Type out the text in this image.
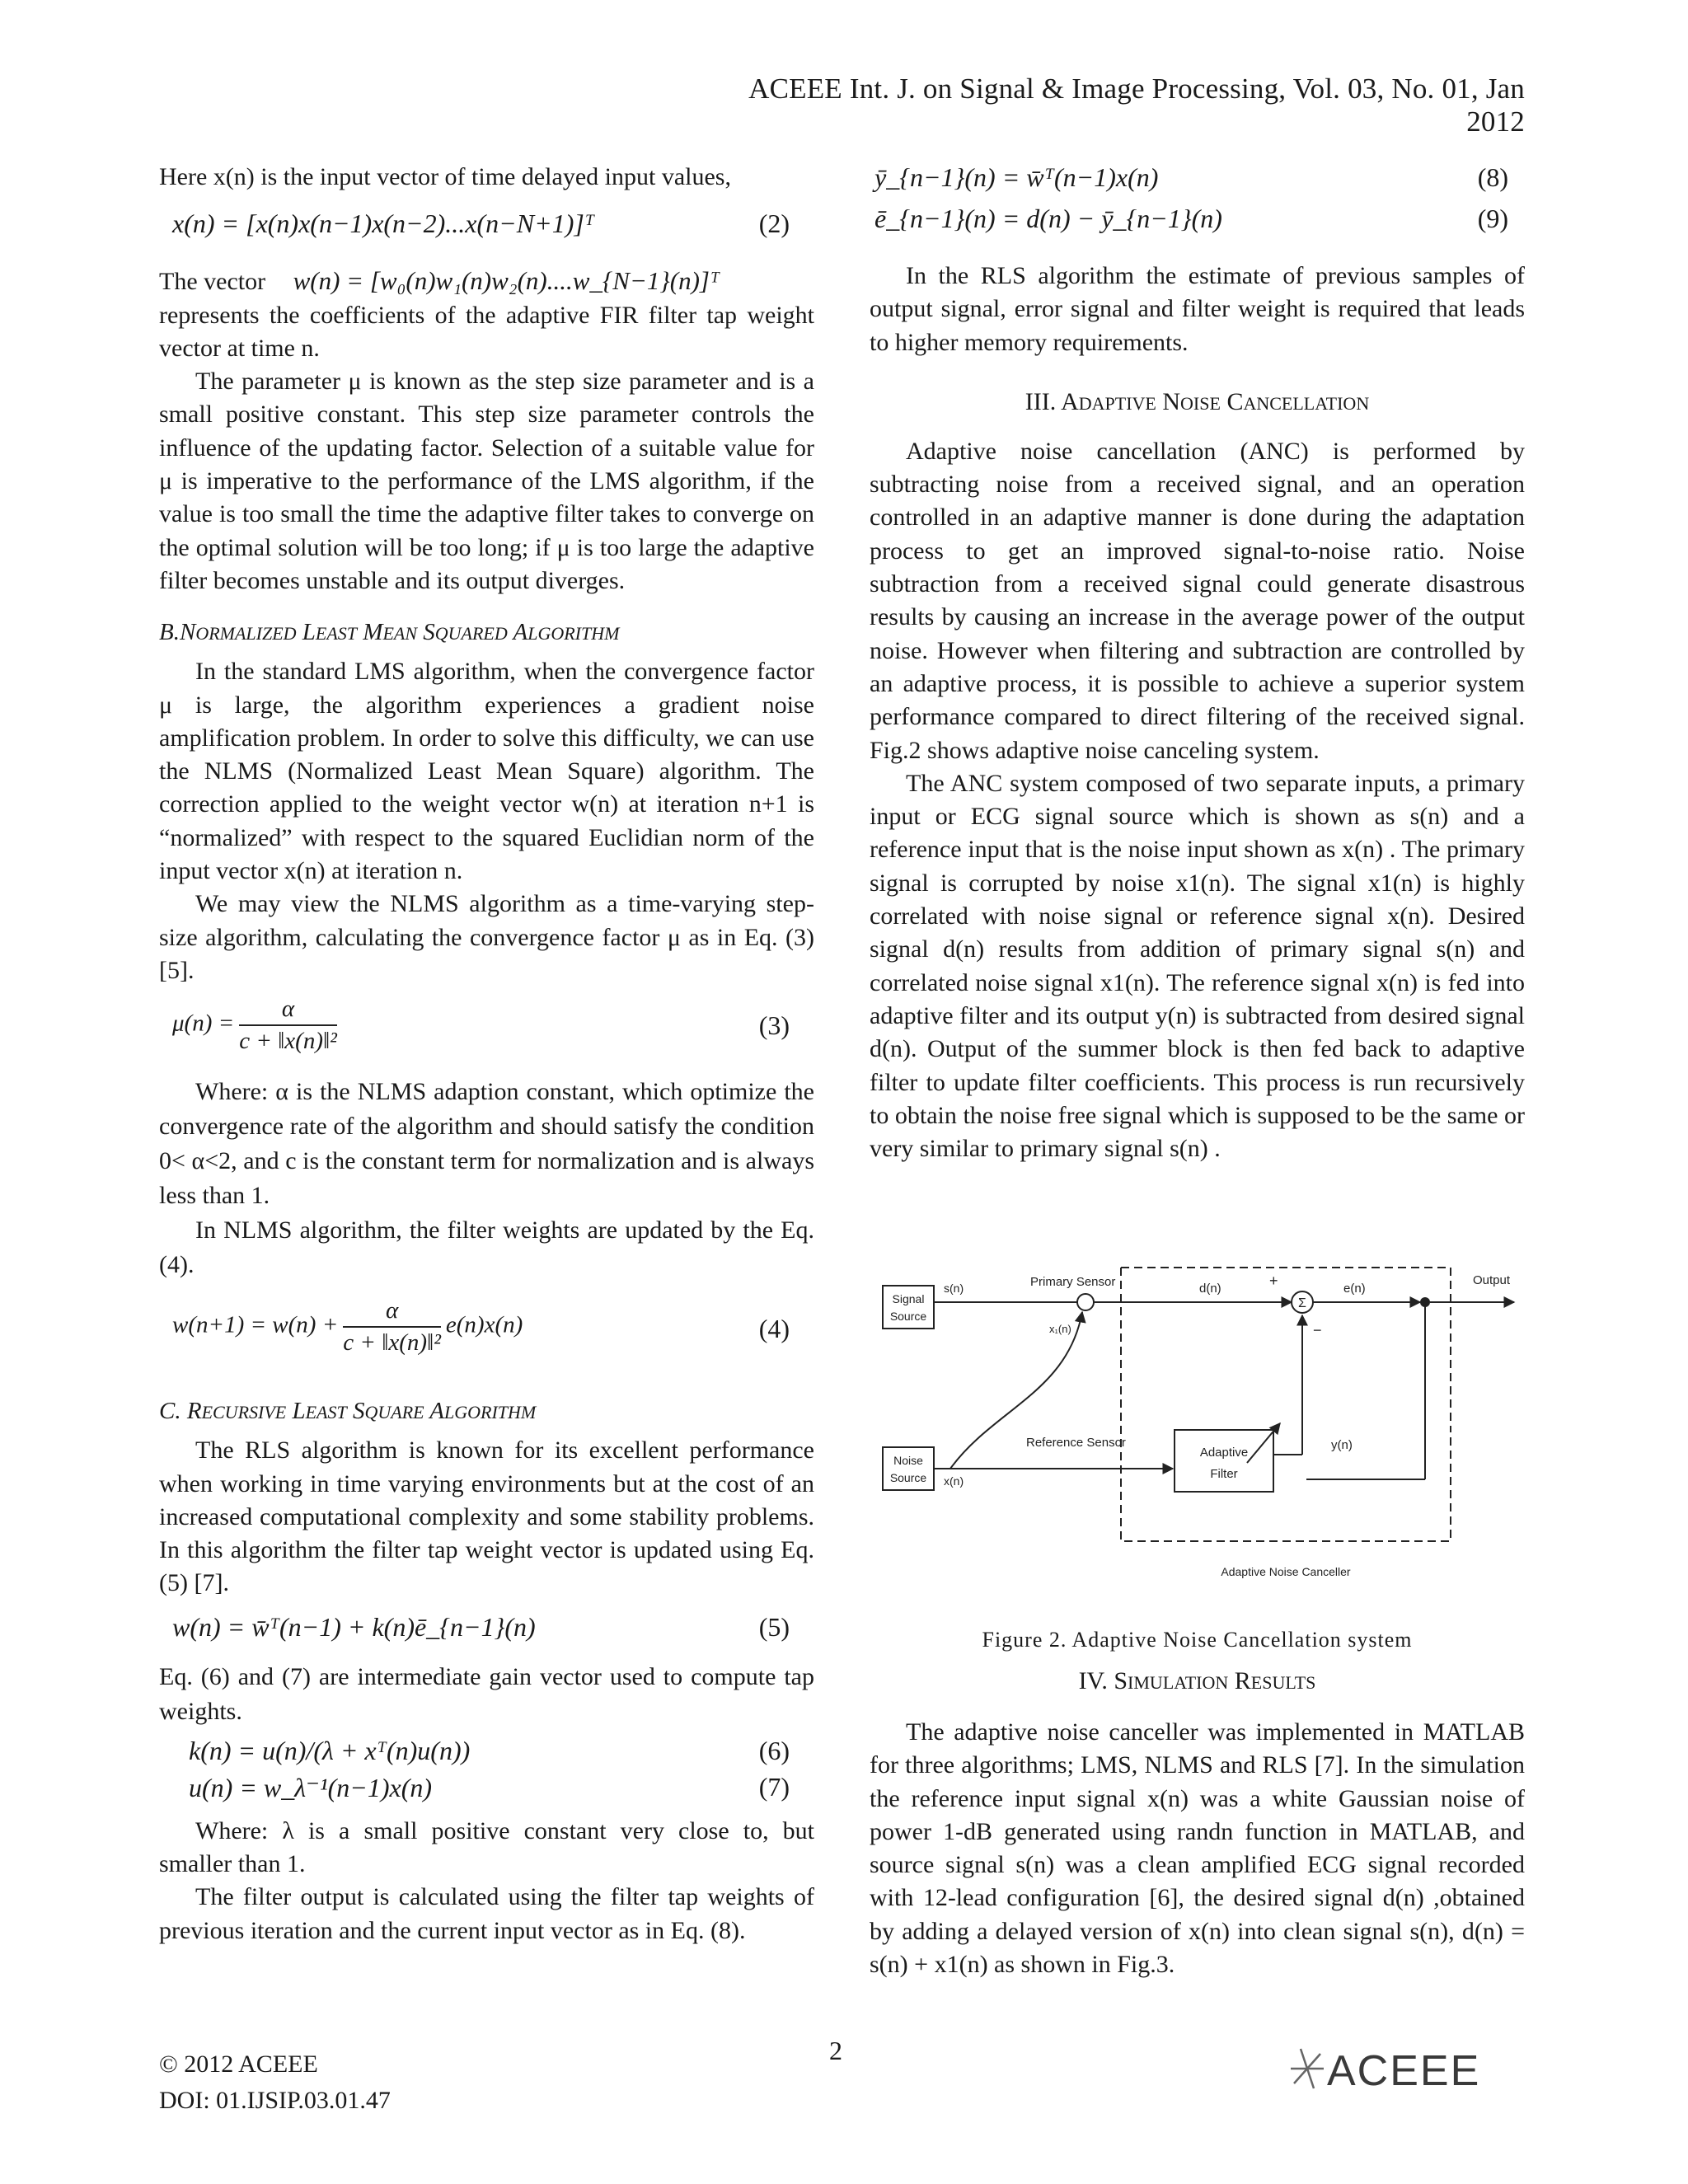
ACEEE Int. J. on Signal & Image Processing, Vol. 03, No. 01, Jan 2012

Here x(n) is the input vector of time delayed input values,

x(n) = [x(n)x(n−1)x(n−2)...x(n−N+1)]ᵀ	(2)

The vector w(n) = [w₀(n)w₁(n)w₂(n)....w_{N−1}(n)]ᵀ

represents the coefficients of the adaptive FIR filter tap weight vector at time n.

The parameter μ is known as the step size parameter and is a small positive constant. This step size parameter controls the influence of the updating factor. Selection of a suitable value for μ is imperative to the performance of the LMS algorithm, if the value is too small the time the adaptive filter takes to converge on the optimal solution will be too long; if μ is too large the adaptive filter becomes unstable and its output diverges.

B.NORMALIZED LEAST MEAN SQUARED ALGORITHM

In the standard LMS algorithm, when the convergence factor μ is large, the algorithm experiences a gradient noise amplification problem. In order to solve this difficulty, we can use the NLMS (Normalized Least Mean Square) algorithm. The correction applied to the weight vector w(n) at iteration n+1 is “normalized” with respect to the squared Euclidian norm of the input vector x(n) at iteration n.

We may view the NLMS algorithm as a time-varying step-size algorithm, calculating the convergence factor μ as in Eq. (3)[5].

$\mu(n) = \frac{\alpha}{\text{c + ‖x(n)‖²}}$	(3)

Where: α is the NLMS adaption constant, which optimize the convergence rate of the algorithm and should satisfy the condition 0< α<2, and c is the constant term for normalization and is always less than 1.

In NLMS algorithm, the filter weights are updated by the Eq. (4).

$w(n+1) = w(n) + \frac{\alpha}{\text{c + ‖x(n)‖²}} e(n)x(n)$	(4)

C. RECURSIVE LEAST SQUARE ALGORITHM

The RLS algorithm is known for its excellent performance when working in time varying environments but at the cost of an increased computational complexity and some stability problems. In this algorithm the filter tap weight vector is updated using Eq. (5) [7].

w(n) = w̄ᵀ(n−1) + k(n)ē_{n−1}(n)	(5)

Eq. (6) and (7) are intermediate gain vector used to compute tap weights.

k(n) = u(n)/(λ + xᵀ(n)u(n))	(6)
u(n) = w_λ⁻¹(n−1)x(n)	(7)

Where: λ is a small positive constant very close to, but smaller than 1.

The filter output is calculated using the filter tap weights of previous iteration and the current input vector as in Eq. (8).

ȳ_{n−1}(n) = w̄ᵀ(n−1)x(n)	(8)
ē_{n−1}(n) = d(n) − ȳ_{n−1}(n)	(9)

In the RLS algorithm the estimate of previous samples of output signal, error signal and filter weight is required that leads to higher memory requirements.

III. ADAPTIVE NOISE CANCELLATION

Adaptive noise cancellation (ANC) is performed by subtracting noise from a received signal, and an operation controlled in an adaptive manner is done during the adaptation process to get an improved signal-to-noise ratio. Noise subtraction from a received signal could generate disastrous results by causing an increase in the average power of the output noise. However when filtering and subtraction are controlled by an adaptive process, it is possible to achieve a superior system performance compared to direct filtering of the received signal. Fig.2 shows adaptive noise canceling system.

The ANC system composed of two separate inputs, a primary input or ECG signal source which is shown as s(n) and a reference input that is the noise input shown as x(n) . The primary signal is corrupted by noise x1(n). The signal x1(n) is highly correlated with noise signal or reference signal x(n). Desired signal d(n) results from addition of primary signal s(n) and correlated noise signal x1(n). The reference signal x(n) is fed into adaptive filter and its output y(n) is subtracted from desired signal d(n). Output of the summer block is then fed back to adaptive filter to update filter coefficients. This process is run recursively to obtain the noise free signal which is supposed to be the same or very similar to primary signal s(n) .

Signal
Source
s(n)	Primary Sensor
x₁(n)
d(n)	+
Σ
−
e(n)
Output
y(n)
Adaptive
Filter
Noise
Source x(n)
Reference Sensor
Adaptive Noise Canceller
Figure 2. Adaptive Noise Cancellation system

IV. SIMULATION RESULTS

The adaptive noise canceller was implemented in MATLAB for three algorithms; LMS, NLMS and RLS [7]. In the simulation the reference input signal x(n) was a white Gaussian noise of power 1-dB generated using randn function in MATLAB, and source signal s(n) was a clean amplified ECG signal recorded with 12-lead configuration [6], the desired signal d(n) ,obtained by adding a delayed version of x(n) into clean signal s(n), d(n) = s(n) + x1(n) as shown in Fig.3.

© 2012 ACEEE
DOI: 01.IJSIP.03.01.47
2	ACEEE
